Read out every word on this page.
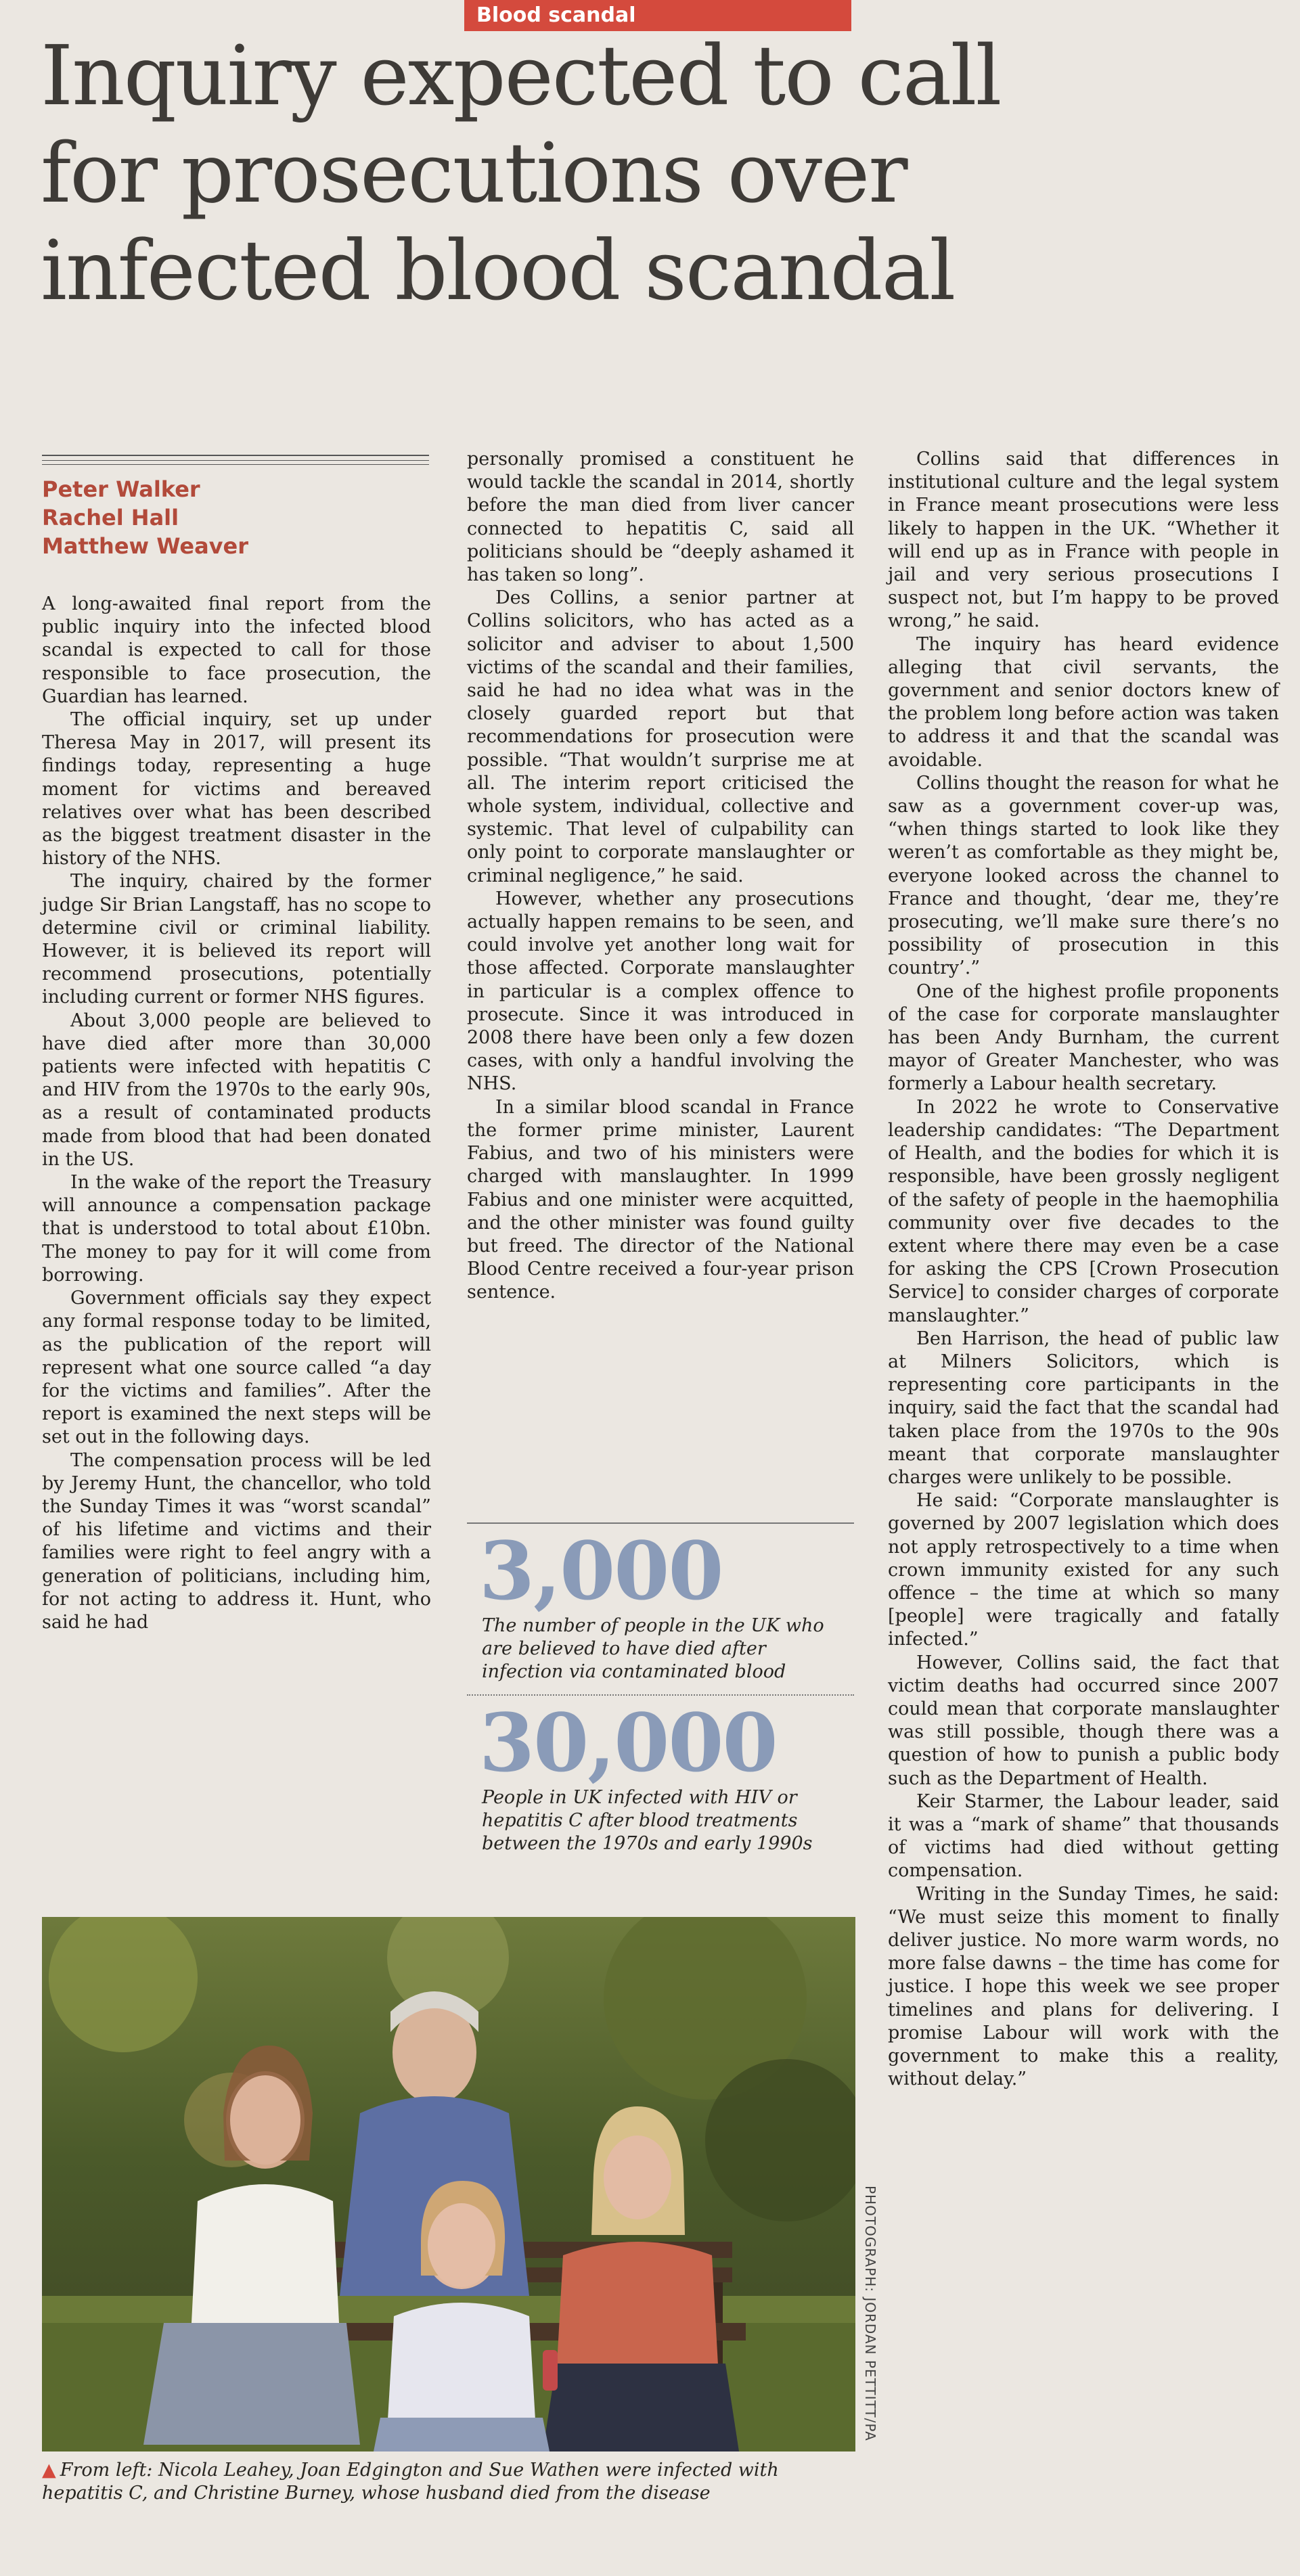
Blood scandal
Inquiry expected to call
for prosecutions over
infected blood scandal
Peter Walker
Rachel Hall
Matthew Weaver

A long-awaited final report from the public inquiry into the infected blood scandal is expected to call for those responsible to face prosecution, the Guardian has learned.

The official inquiry, set up under Theresa May in 2017, will present its findings today, representing a huge moment for victims and bereaved relatives over what has been described as the biggest treatment disaster in the history of the NHS.

The inquiry, chaired by the former judge Sir Brian Langstaff, has no scope to determine civil or criminal liability. However, it is believed its report will recommend prosecutions, potentially including current or former NHS figures.

About 3,000 people are believed to have died after more than 30,000 patients were infected with hepatitis C and HIV from the 1970s to the early 90s, as a result of contaminated products made from blood that had been donated in the US.

In the wake of the report the Treasury will announce a compensation package that is understood to total about £10bn. The money to pay for it will come from borrowing.

Government officials say they expect any formal response today to be limited, as the publication of the report will represent what one source called “a day for the victims and families”. After the report is examined the next steps will be set out in the following days.

The compensation process will be led by Jeremy Hunt, the chancellor, who told the Sunday Times it was “worst scandal” of his lifetime and victims and their families were right to feel angry with a generation of politicians, including him, for not acting to address it. Hunt, who said he had

personally promised a constituent he would tackle the scandal in 2014, shortly before the man died from liver cancer connected to hepatitis C, said all politicians should be “deeply ashamed it has taken so long”.

Des Collins, a senior partner at Collins solicitors, who has acted as a solicitor and adviser to about 1,500 victims of the scandal and their families, said he had no idea what was in the closely guarded report but that recommendations for prosecution were possible. “That wouldn’t surprise me at all. The interim report criticised the whole system, individual, collective and systemic. That level of culpability can only point to corporate manslaughter or criminal negligence,” he said.

However, whether any prosecutions actually happen remains to be seen, and could involve yet another long wait for those affected. Corporate manslaughter in particular is a complex offence to prosecute. Since it was introduced in 2008 there have been only a few dozen cases, with only a handful involving the NHS.

In a similar blood scandal in France the former prime minister, Laurent Fabius, and two of his ministers were charged with manslaughter. In 1999 Fabius and one minister were acquitted, and the other minister was found guilty but freed. The director of the National Blood Centre received a four-year prison sentence.

3,000
The number of people in the UK who are believed to have died after infection via contaminated blood
30,000
People in UK infected with HIV or hepatitis C after blood treatments between the 1970s and early 1990s

Collins said that differences in institutional culture and the legal system in France meant prosecutions were less likely to happen in the UK. “Whether it will end up as in France with people in jail and very serious prosecutions I suspect not, but I’m happy to be proved wrong,” he said.

The inquiry has heard evidence alleging that civil servants, the government and senior doctors knew of the problem long before action was taken to address it and that the scandal was avoidable.

Collins thought the reason for what he saw as a government cover-up was, “when things started to look like they weren’t as comfortable as they might be, everyone looked across the channel to France and thought, ‘dear me, they’re prosecuting, we’ll make sure there’s no possibility of prosecution in this country’.”

One of the highest profile proponents of the case for corporate manslaughter has been Andy Burnham, the current mayor of Greater Manchester, who was formerly a Labour health secretary.

In 2022 he wrote to Conservative leadership candidates: “The Department of Health, and the bodies for which it is responsible, have been grossly negligent of the safety of people in the haemophilia community over five decades to the extent where there may even be a case for asking the CPS [Crown Prosecution Service] to consider charges of corporate manslaughter.”

Ben Harrison, the head of public law at Milners Solicitors, which is representing core participants in the inquiry, said the fact that the scandal had taken place from the 1970s to the 90s meant that corporate manslaughter charges were unlikely to be possible.

He said: “Corporate manslaughter is governed by 2007 legislation which does not apply retrospectively to a time when crown immunity existed for any such offence – the time at which so many [people] were tragically and fatally infected.”

However, Collins said, the fact that victim deaths had occurred since 2007 could mean that corporate manslaughter was still possible, though there was a question of how to punish a public body such as the Department of Health.

Keir Starmer, the Labour leader, said it was a “mark of shame” that thousands of victims had died without getting compensation.

Writing in the Sunday Times, he said: “We must seize this moment to finally deliver justice. No more warm words, no more false dawns – the time has come for justice. I hope this week we see proper timelines and plans for delivering. I promise Labour will work with the government to make this a reality, without delay.”

PHOTOGRAPH: JORDAN PETTITT/PA
▲ From left: Nicola Leahey, Joan Edgington and Sue Wathen were infected with hepatitis C, and Christine Burney, whose husband died from the disease
